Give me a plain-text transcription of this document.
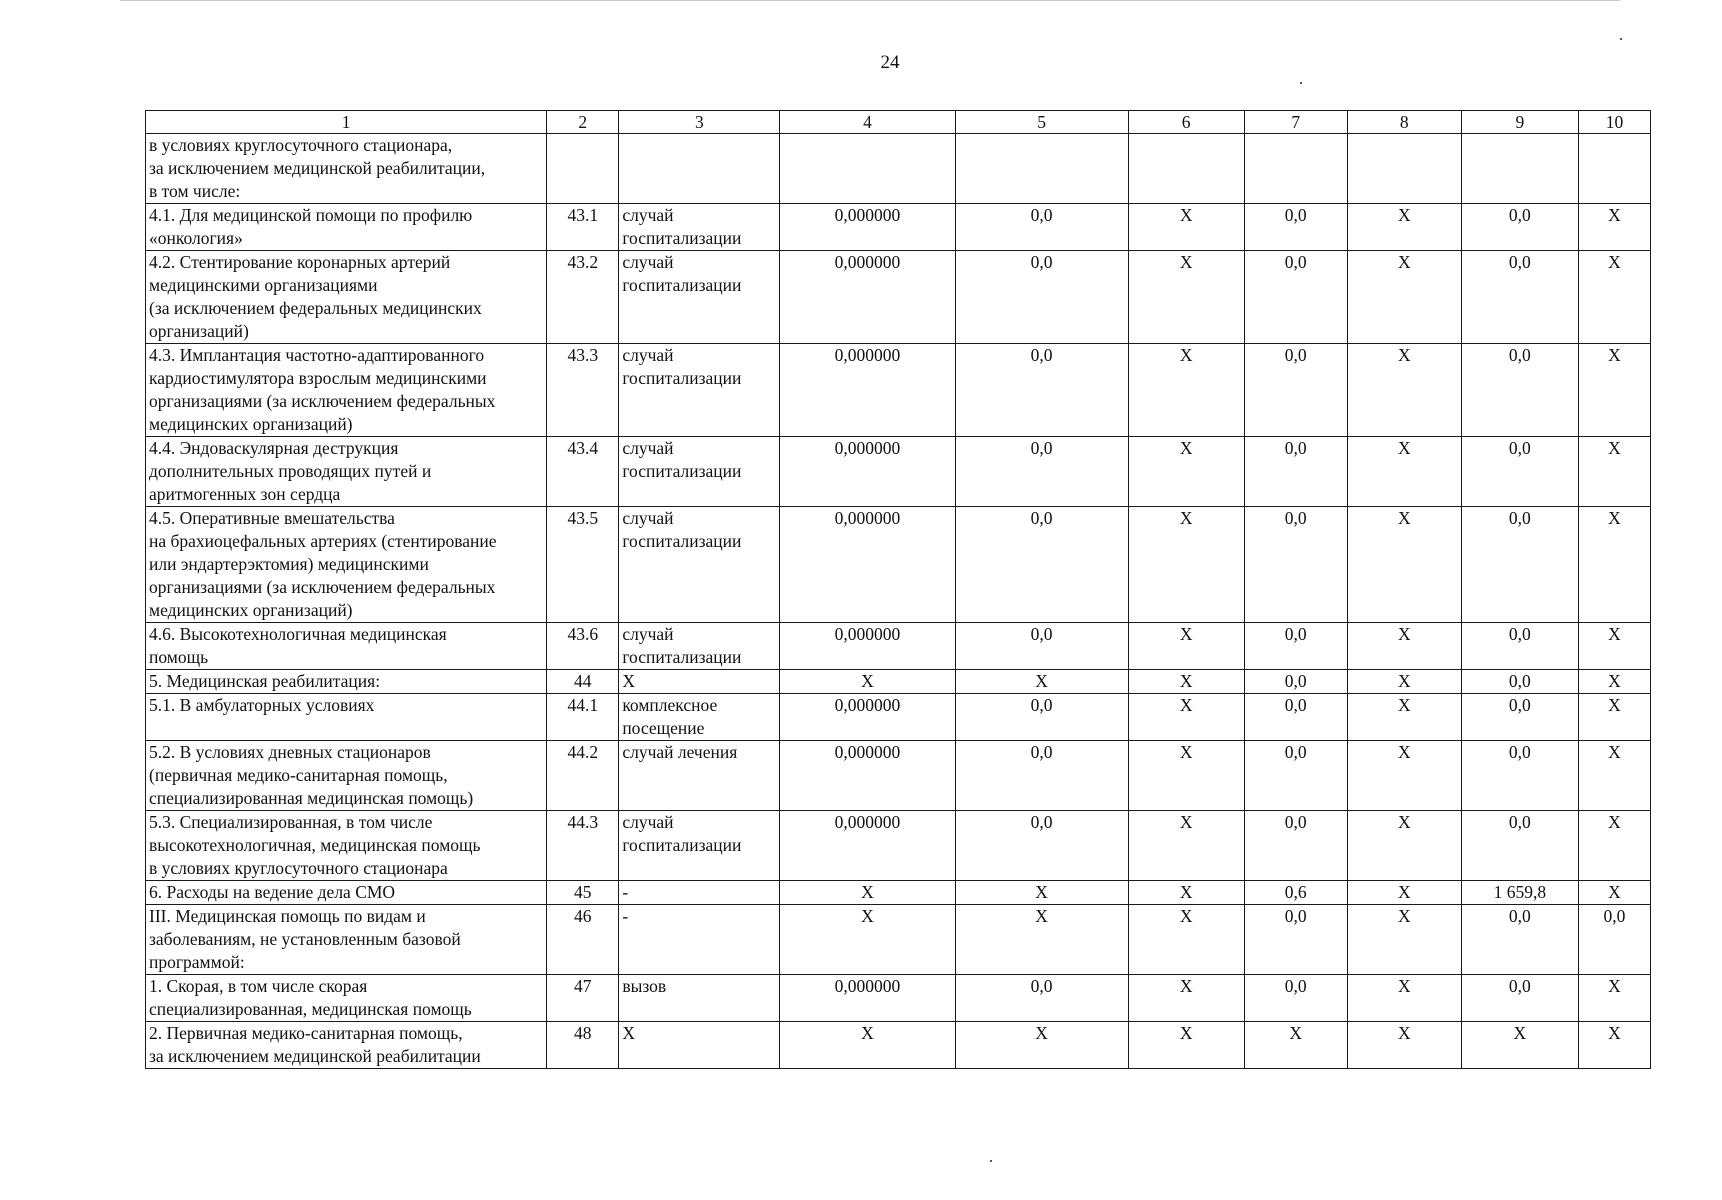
24
1	2	3	4	5	6	7	8	9	10
в условиях круглосуточного стационара,
за исключением медицинской реабилитации,
в том числе:									
4.1. Для медицинской помощи по профилю
«онкология»	43.1	случай
госпитализации	0,000000	0,0	X	0,0	X	0,0	X
4.2. Стентирование коронарных артерий
медицинскими организациями
(за исключением федеральных медицинских
организаций)	43.2	случай
госпитализации	0,000000	0,0	X	0,0	X	0,0	X
4.3. Имплантация частотно-адаптированного
кардиостимулятора взрослым медицинскими
организациями (за исключением федеральных
медицинских организаций)	43.3	случай
госпитализации	0,000000	0,0	X	0,0	X	0,0	X
4.4. Эндоваскулярная деструкция
дополнительных проводящих путей и
аритмогенных зон сердца	43.4	случай
госпитализации	0,000000	0,0	X	0,0	X	0,0	X
4.5. Оперативные вмешательства
на брахиоцефальных артериях (стентирование
или эндартерэктомия) медицинскими
организациями (за исключением федеральных
медицинских организаций)	43.5	случай
госпитализации	0,000000	0,0	X	0,0	X	0,0	X
4.6. Высокотехнологичная медицинская
помощь	43.6	случай
госпитализации	0,000000	0,0	X	0,0	X	0,0	X
5. Медицинская реабилитация:	44	X	X	X	X	0,0	X	0,0	X
5.1. В амбулаторных условиях	44.1	комплексное
посещение	0,000000	0,0	X	0,0	X	0,0	X
5.2. В условиях дневных стационаров
(первичная медико-санитарная помощь,
специализированная медицинская помощь)	44.2	случай лечения	0,000000	0,0	X	0,0	X	0,0	X
5.3. Специализированная, в том числе
высокотехнологичная, медицинская помощь
в условиях круглосуточного стационара	44.3	случай
госпитализации	0,000000	0,0	X	0,0	X	0,0	X
6. Расходы на ведение дела СМО	45	-	X	X	X	0,6	X	1 659,8	X
III. Медицинская помощь по видам и
заболеваниям, не установленным базовой
программой:	46	-	X	X	X	0,0	X	0,0	0,0
1. Скорая, в том числе скорая
специализированная, медицинская помощь	47	вызов	0,000000	0,0	X	0,0	X	0,0	X
2. Первичная медико-санитарная помощь,
за исключением медицинской реабилитации	48	X	X	X	X	X	X	X	X
